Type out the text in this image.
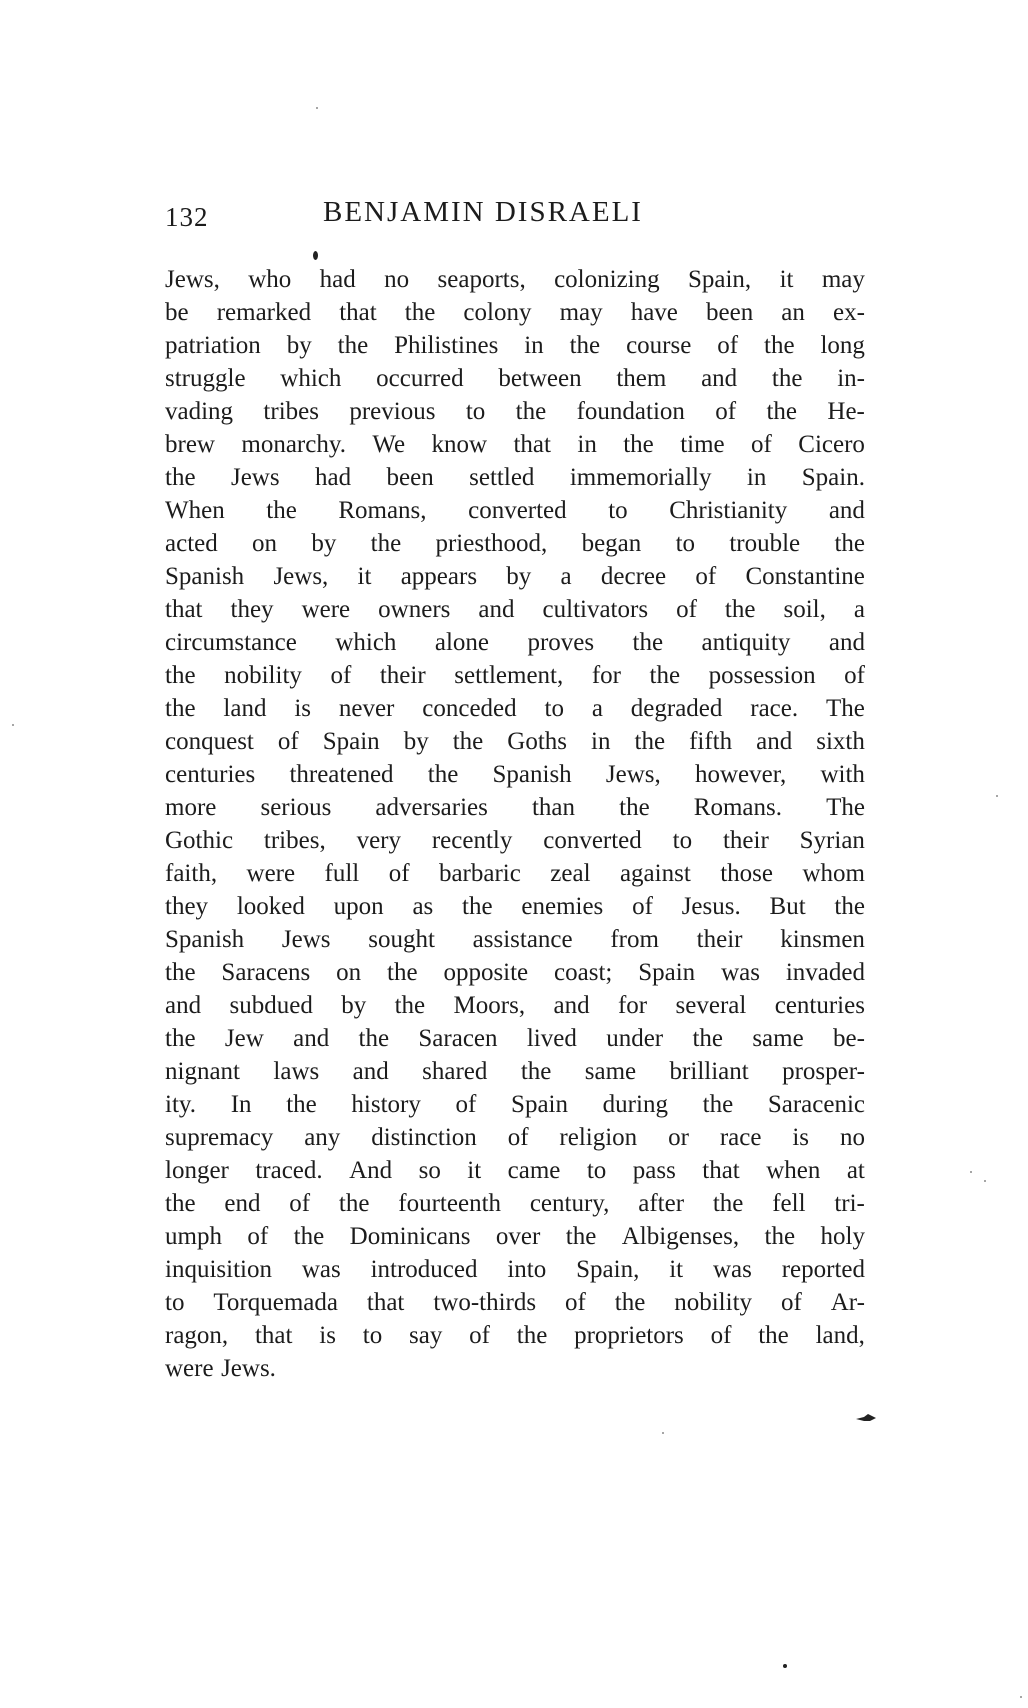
132	BENJAMIN DISRAELI
Jews, who had no seaports, colonizing Spain, it may
be remarked that the colony may have been an ex-
patriation by the Philistines in the course of the long
struggle which occurred between them and the in-
vading tribes previous to the foundation of the He-
brew monarchy. We know that in the time of Cicero
the Jews had been settled immemorially in Spain.
When the Romans, converted to Christianity and
acted on by the priesthood, began to trouble the
Spanish Jews, it appears by a decree of Constantine
that they were owners and cultivators of the soil, a
circumstance which alone proves the antiquity and
the nobility of their settlement, for the possession of
the land is never conceded to a degraded race. The
conquest of Spain by the Goths in the fifth and sixth
centuries threatened the Spanish Jews, however, with
more serious adversaries than the Romans. The
Gothic tribes, very recently converted to their Syrian
faith, were full of barbaric zeal against those whom
they looked upon as the enemies of Jesus. But the
Spanish Jews sought assistance from their kinsmen
the Saracens on the opposite coast; Spain was invaded
and subdued by the Moors, and for several centuries
the Jew and the Saracen lived under the same be-
nignant laws and shared the same brilliant prosper-
ity. In the history of Spain during the Saracenic
supremacy any distinction of religion or race is no
longer traced. And so it came to pass that when at
the end of the fourteenth century, after the fell tri-
umph of the Dominicans over the Albigenses, the holy
inquisition was introduced into Spain, it was reported
to Torquemada that two-thirds of the nobility of Ar-
ragon, that is to say of the proprietors of the land,
were Jews.
